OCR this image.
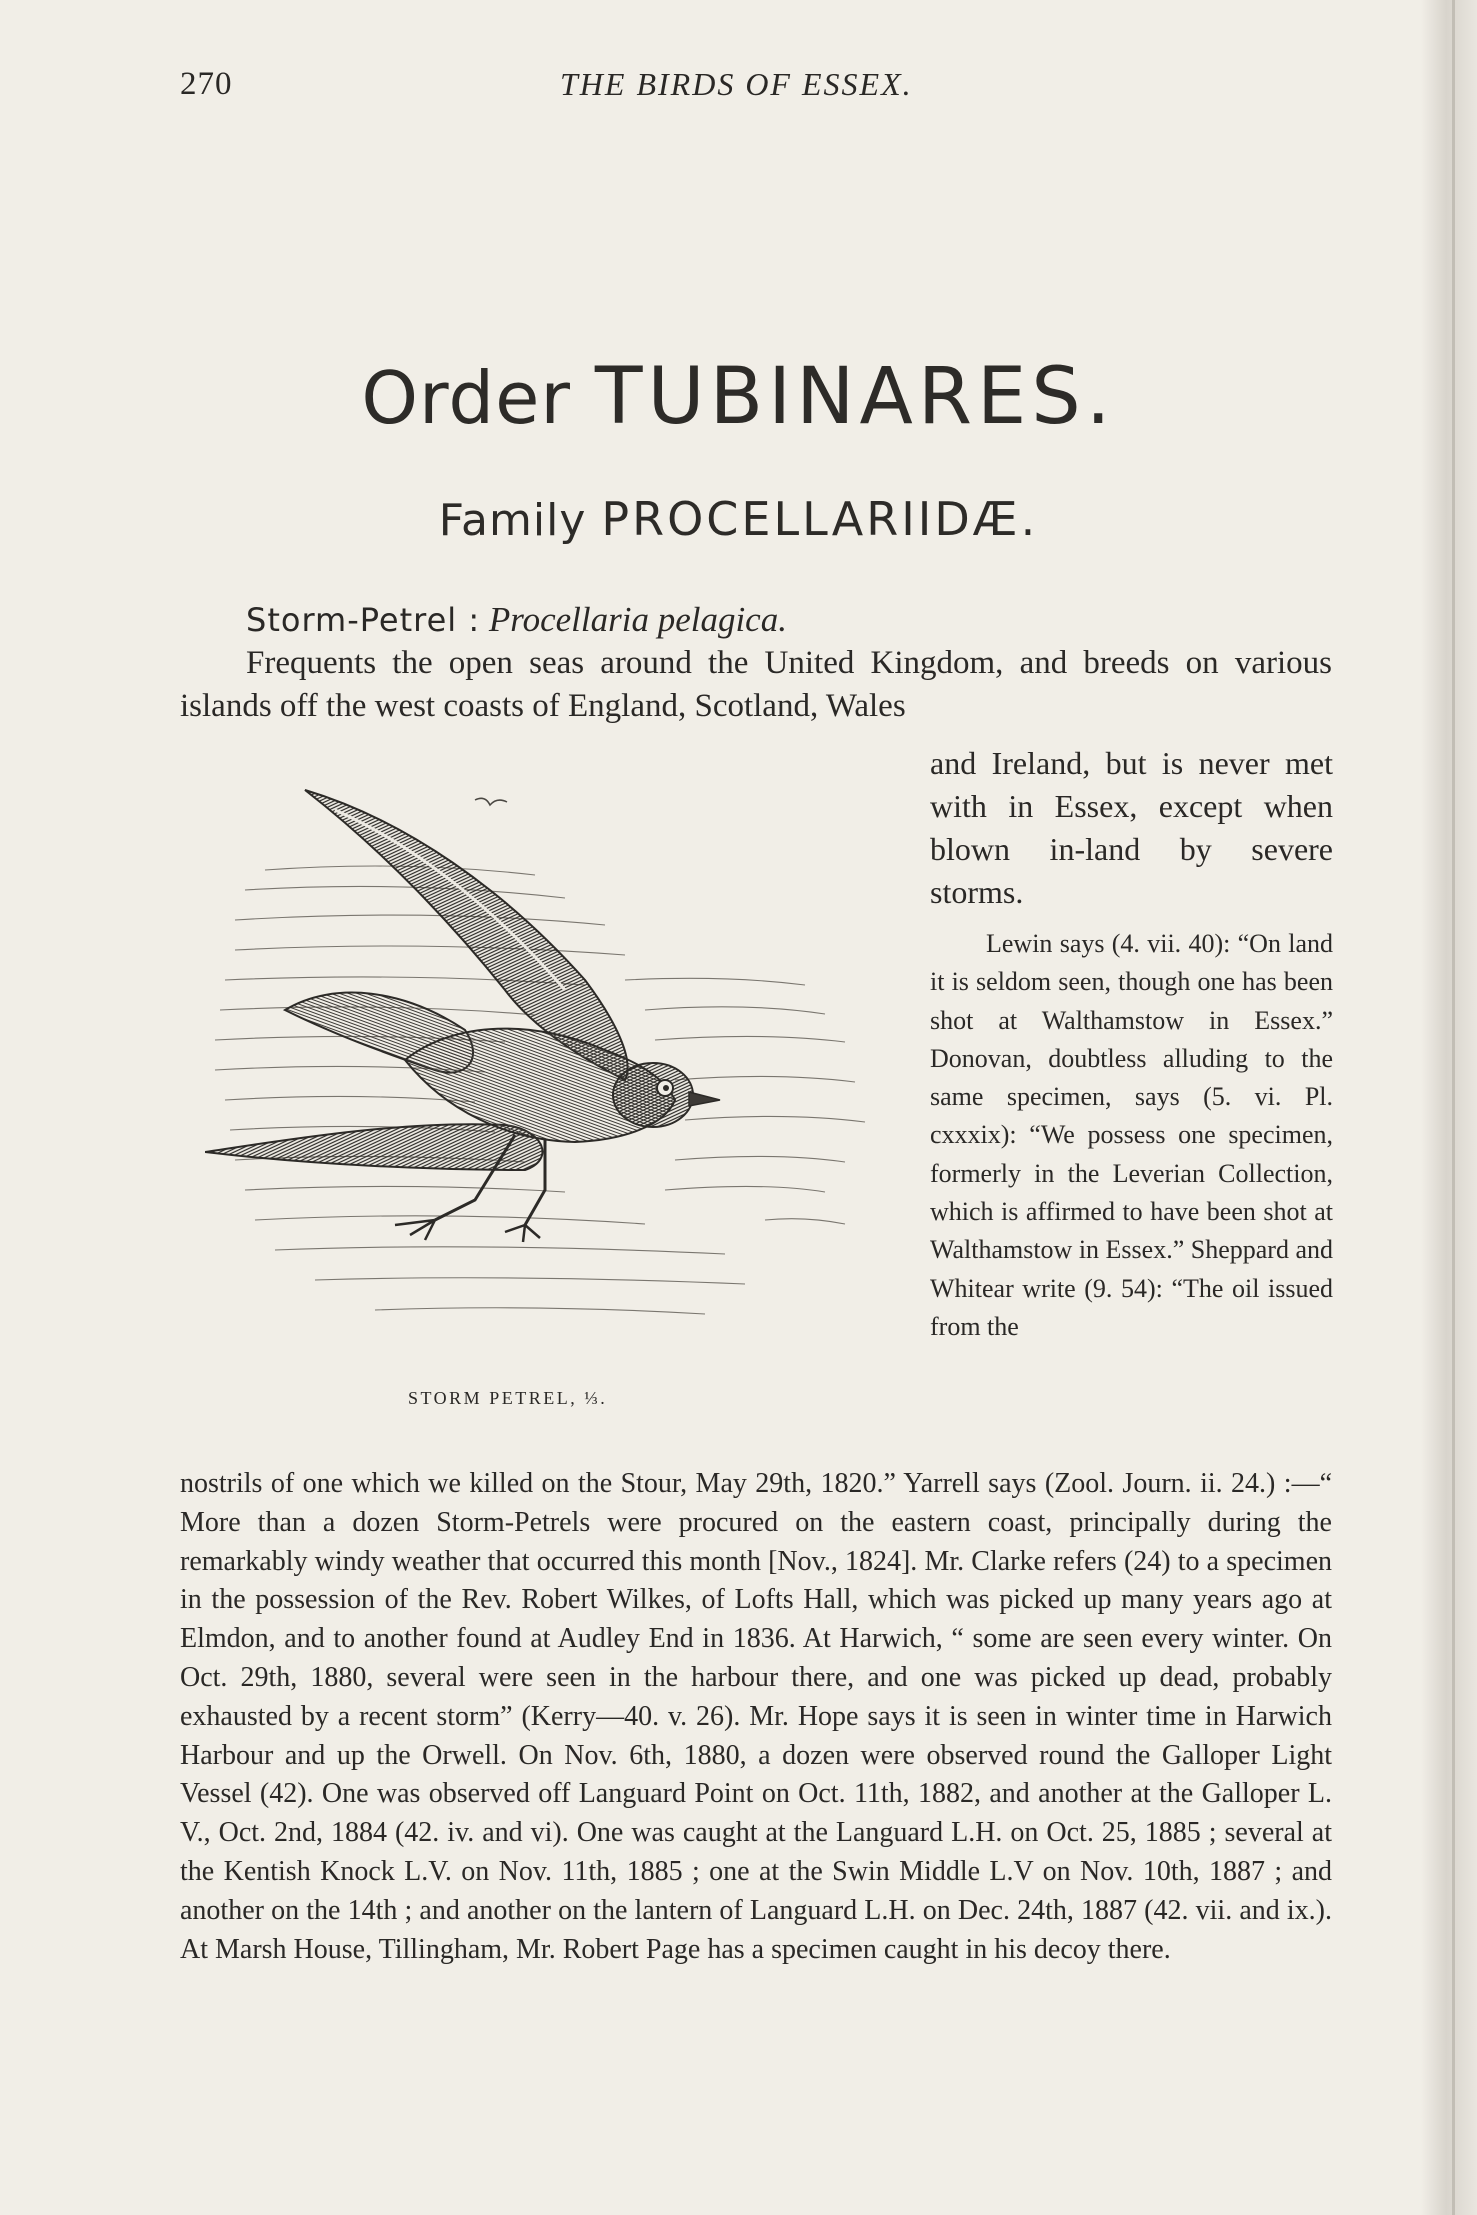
270	THE BIRDS OF ESSEX.
Order TUBINARES.
Family PROCELLARIIDÆ.
Storm-Petrel : Procellaria pelagica.
Frequents the open seas around the United Kingdom, and breeds on various islands off the west coasts of England, Scotland, Wales
and Ireland, but is never met with in Essex, except when blown in-land by severe storms.

Lewin says (4. vii. 40): “On land it is seldom seen, though one has been shot at Walthamstow in Essex.” Donovan, doubtless alluding to the same specimen, says (5. vi. Pl. cxxxix): “We possess one specimen, formerly in the Leverian Collection, which is affirmed to have been shot at Walthamstow in Essex.” Sheppard and Whitear write (9. 54): “The oil issued from the

STORM PETREL, ⅓.
nostrils of one which we killed on the Stour, May 29th, 1820.” Yarrell says (Zool. Journ. ii. 24.) :—“ More than a dozen Storm-Petrels were procured on the eastern coast, principally during the remarkably windy weather that occurred this month [Nov., 1824]. Mr. Clarke refers (24) to a specimen in the possession of the Rev. Robert Wilkes, of Lofts Hall, which was picked up many years ago at Elmdon, and to another found at Audley End in 1836. At Harwich, “ some are seen every winter. On Oct. 29th, 1880, several were seen in the harbour there, and one was picked up dead, probably exhausted by a recent storm” (Kerry—40. v. 26). Mr. Hope says it is seen in winter time in Harwich Harbour and up the Orwell. On Nov. 6th, 1880, a dozen were observed round the Galloper Light Vessel (42). One was observed off Languard Point on Oct. 11th, 1882, and another at the Galloper L. V., Oct. 2nd, 1884 (42. iv. and vi). One was caught at the Languard L.H. on Oct. 25, 1885 ; several at the Kentish Knock L.V. on Nov. 11th, 1885 ; one at the Swin Middle L.V on Nov. 10th, 1887 ; and another on the 14th ; and another on the lantern of Languard L.H. on Dec. 24th, 1887 (42. vii. and ix.). At Marsh House, Tillingham, Mr. Robert Page has a specimen caught in his decoy there.
